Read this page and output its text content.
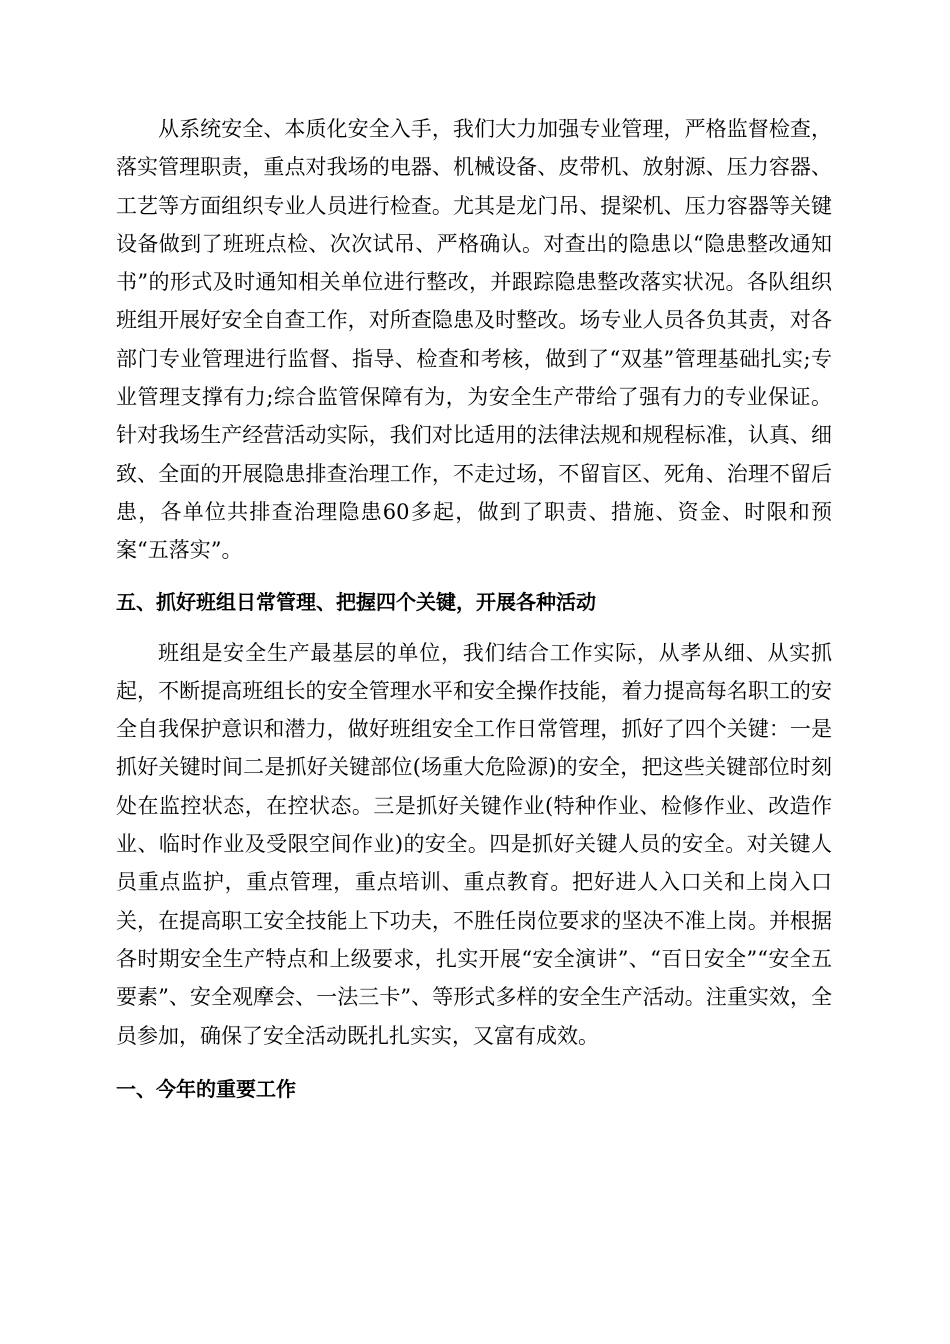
从系统安全、本质化安全入手，我们大力加强专业管理，严格监督检查，落实管理职责，重点对我场的电器、机械设备、皮带机、放射源、压力容器、工艺等方面组织专业人员进行检查。尤其是龙门吊、提梁机、压力容器等关键设备做到了班班点检、次次试吊、严格确认。对查出的隐患以“隐患整改通知书”的形式及时通知相关单位进行整改，并跟踪隐患整改落实状况。各队组织班组开展好安全自查工作，对所查隐患及时整改。场专业人员各负其责，对各部门专业管理进行监督、指导、检查和考核，做到了“双基”管理基础扎实;专业管理支撑有力;综合监管保障有为，为安全生产带给了强有力的专业保证。针对我场生产经营活动实际，我们对比适用的法律法规和规程标准，认真、细致、全面的开展隐患排查治理工作，不走过场，不留盲区、死角、治理不留后患，各单位共排查治理隐患60多起，做到了职责、措施、资金、时限和预案“五落实”。

五、抓好班组日常管理、把握四个关键，开展各种活动

班组是安全生产最基层的单位，我们结合工作实际，从孝从细、从实抓起，不断提高班组长的安全管理水平和安全操作技能，着力提高每名职工的安全自我保护意识和潜力，做好班组安全工作日常管理，抓好了四个关键：一是抓好关键时间二是抓好关键部位(场重大危险源)的安全，把这些关键部位时刻处在监控状态，在控状态。三是抓好关键作业(特种作业、检修作业、改造作业、临时作业及受限空间作业)的安全。四是抓好关键人员的安全。对关键人员重点监护，重点管理，重点培训、重点教育。把好进人入口关和上岗入口关，在提高职工安全技能上下功夫，不胜任岗位要求的坚决不准上岗。并根据各时期安全生产特点和上级要求，扎实开展“安全演讲”、“百日安全”“安全五要素”、安全观摩会、一法三卡”、等形式多样的安全生产活动。注重实效，全员参加，确保了安全活动既扎扎实实，又富有成效。

一、今年的重要工作
